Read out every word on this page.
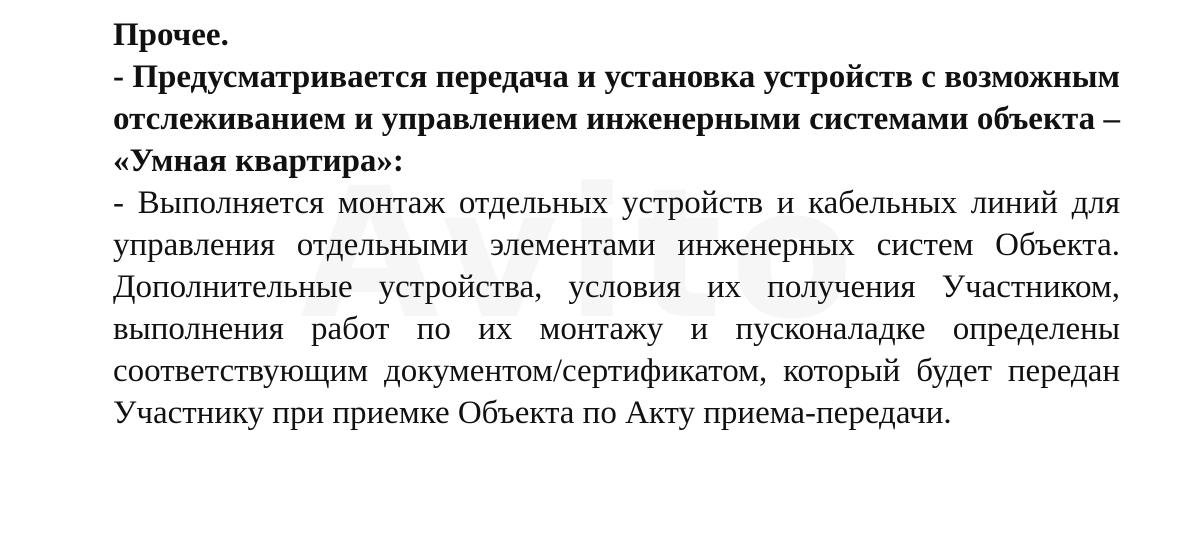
Прочее.

- Предусматривается передача и установка устройств с возможным отслеживанием и управлением инженерными системами объекта – «Умная квартира»:

- Выполняется монтаж отдельных устройств и кабельных линий для управления отдельными элементами инженерных систем Объекта. Дополнительные устройства, условия их получения Участником, выполнения работ по их монтажу и пусконаладке определены соответствующим документом/сертификатом, который будет передан Участнику при приемке Объекта по Акту приема-передачи.
